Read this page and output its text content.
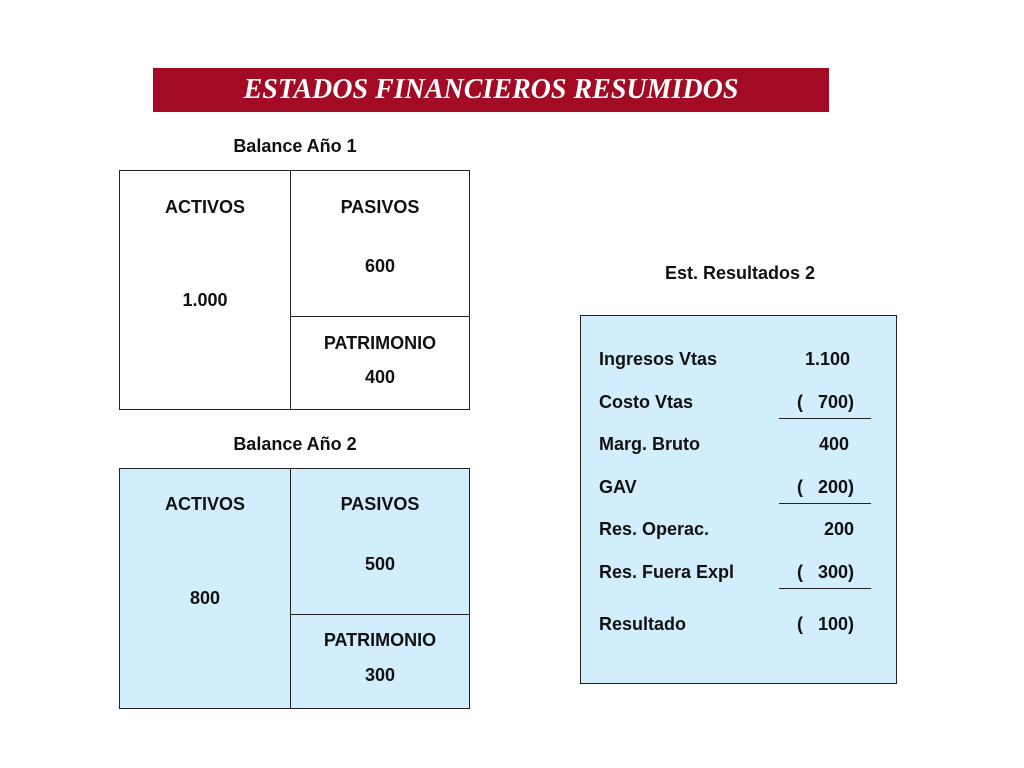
ESTADOS FINANCIEROS RESUMIDOS
Balance Año 1
ACTIVOS
1.000
PASIVOS
600
PATRIMONIO
400
Balance Año 2
ACTIVOS
800
PASIVOS
500
PATRIMONIO
300
Est. Resultados 2
Ingresos Vtas	1.100
Costo Vtas	(   700)
Marg. Bruto	400
GAV	(   200)
Res. Operac.	200
Res. Fuera Expl	(   300)
Resultado	(   100)
